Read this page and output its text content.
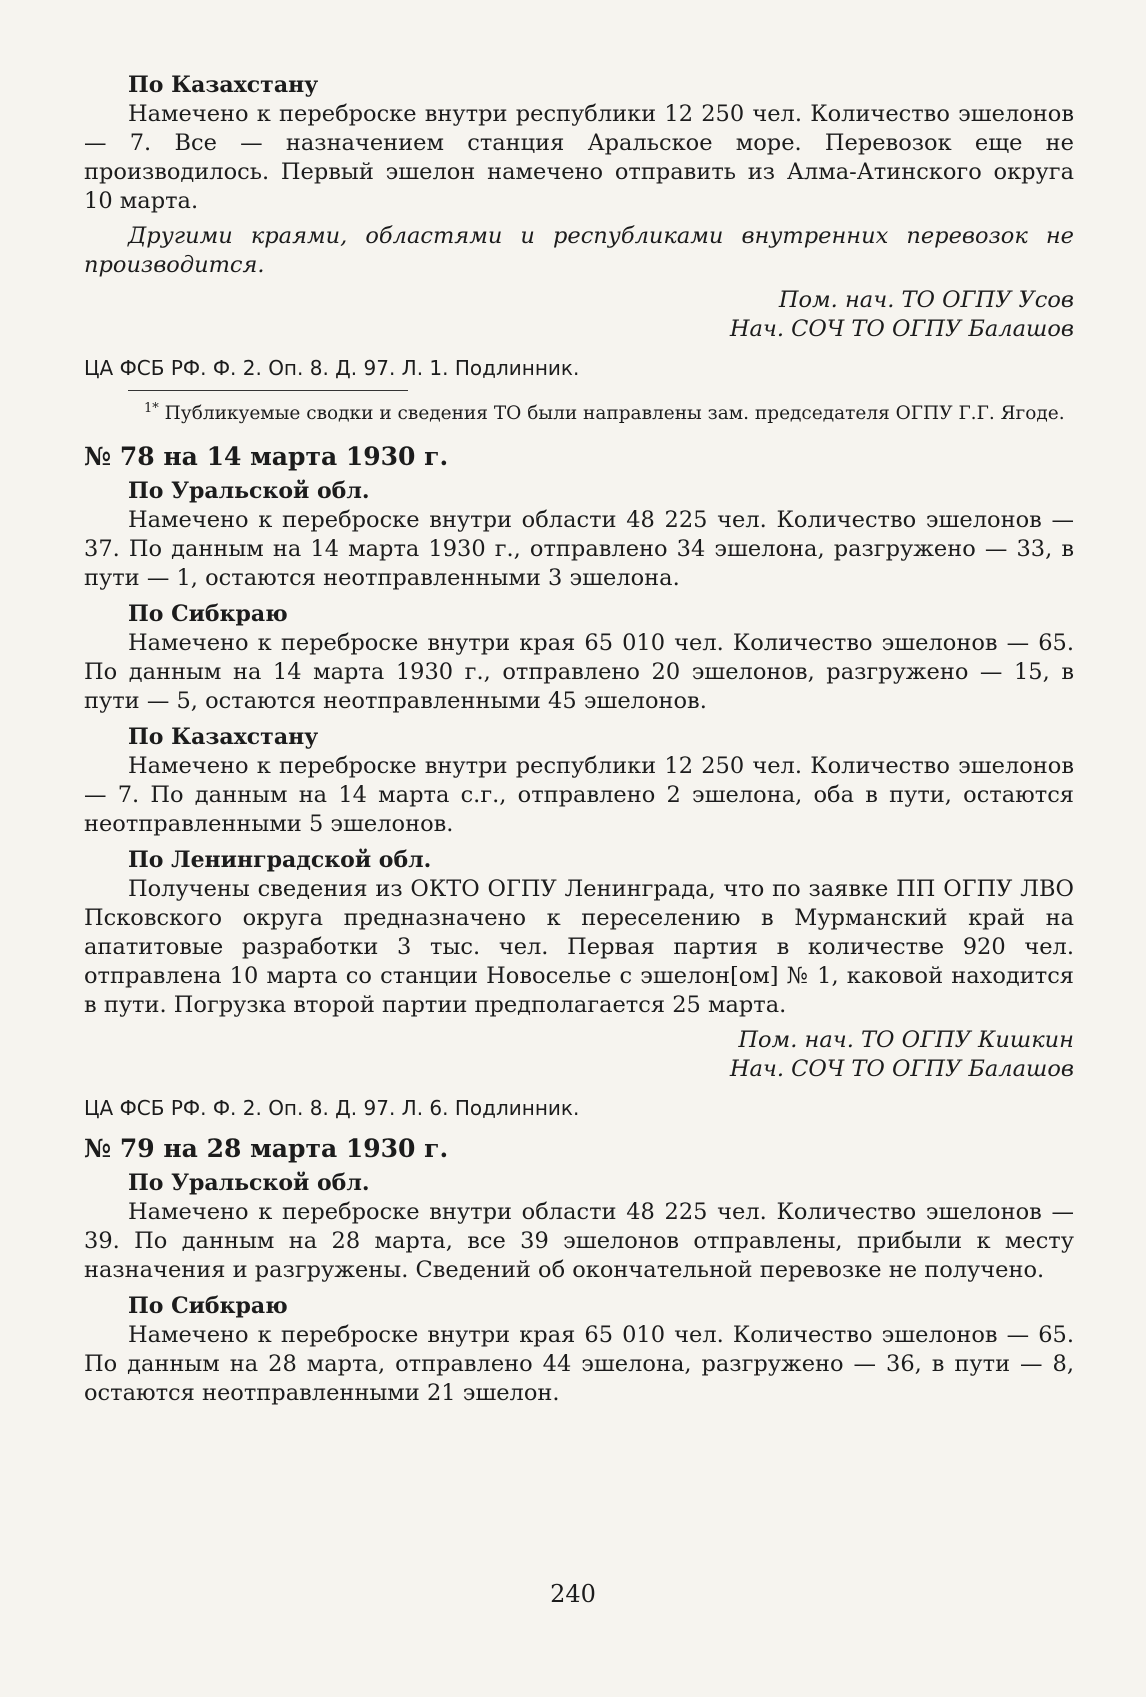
По Казахстану

Намечено к переброске внутри республики 12 250 чел. Количество эшелонов — 7. Все — назначением станция Аральское море. Перевозок еще не производилось. Первый эшелон намечено отправить из Алма-Атинского округа 10 марта.

Другими краями, областями и республиками внутренних перевозок не производится.

Пом. нач. ТО ОГПУ Усов

Нач. СОЧ ТО ОГПУ Балашов

ЦА ФСБ РФ. Ф. 2. Оп. 8. Д. 97. Л. 1. Подлинник.

$^{1*}$ Публикуемые сводки и сведения ТО были направлены зам. председателя ОГПУ Г.Г. Ягоде.

№ 78 на 14 марта 1930 г.

По Уральской обл.

Намечено к переброске внутри области 48 225 чел. Количество эшелонов — 37. По данным на 14 марта 1930 г., отправлено 34 эшелона, разгружено — 33, в пути — 1, остаются неотправленными 3 эшелона.

По Сибкраю

Намечено к переброске внутри края 65 010 чел. Количество эшелонов — 65. По данным на 14 марта 1930 г., отправлено 20 эшелонов, разгружено — 15, в пути — 5, остаются неотправленными 45 эшелонов.

По Казахстану

Намечено к переброске внутри республики 12 250 чел. Количество эшелонов — 7. По данным на 14 марта с.г., отправлено 2 эшелона, оба в пути, остаются неотправленными 5 эшелонов.

По Ленинградской обл.

Получены сведения из ОКТО ОГПУ Ленинграда, что по заявке ПП ОГПУ ЛВО Псковского округа предназначено к переселению в Мурманский край на апатитовые разработки 3 тыс. чел. Первая партия в количестве 920 чел. отправлена 10 марта со станции Новоселье с эшелон[ом] № 1, каковой находится в пути. Погрузка второй партии предполагается 25 марта.

Пом. нач. ТО ОГПУ Кишкин

Нач. СОЧ ТО ОГПУ Балашов

ЦА ФСБ РФ. Ф. 2. Оп. 8. Д. 97. Л. 6. Подлинник.

№ 79 на 28 марта 1930 г.

По Уральской обл.

Намечено к переброске внутри области 48 225 чел. Количество эшелонов — 39. По данным на 28 марта, все 39 эшелонов отправлены, прибыли к месту назначения и разгружены. Сведений об окончательной перевозке не получено.

По Сибкраю

Намечено к переброске внутри края 65 010 чел. Количество эшелонов — 65. По данным на 28 марта, отправлено 44 эшелона, разгружено — 36, в пути — 8, остаются неотправленными 21 эшелон.

240
